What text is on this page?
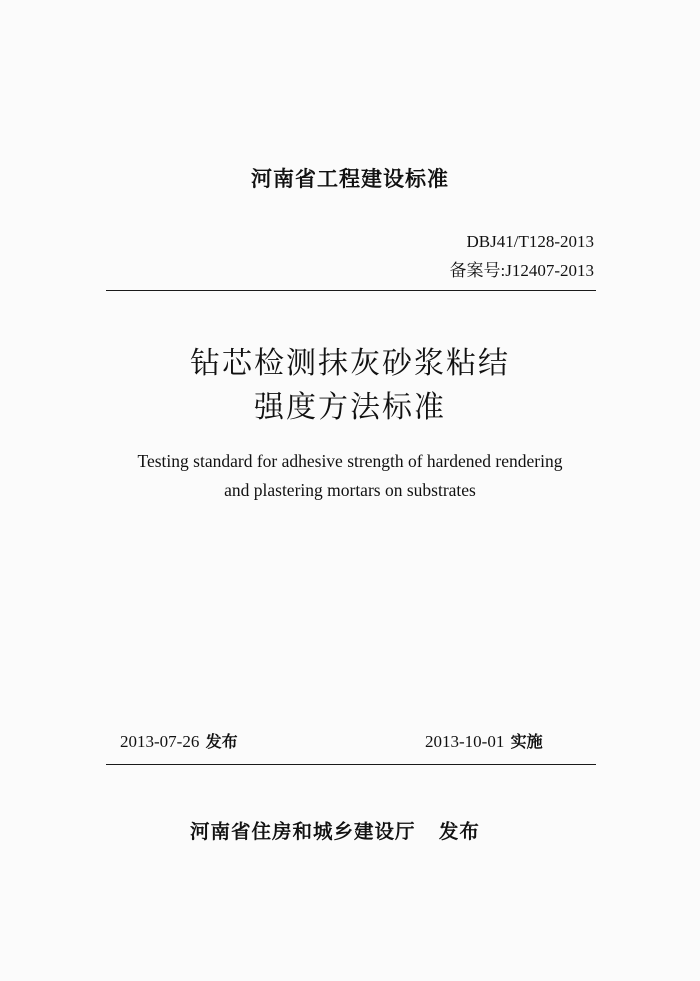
河南省工程建设标准
DBJ41/T128-2013
备案号:J12407-2013
钻芯检测抹灰砂浆粘结
强度方法标准
Testing standard for adhesive strength of hardened rendering
and plastering mortars on substrates
2013-07-26 发布	2013-10-01 实施
河南省住房和城乡建设厅 发布
